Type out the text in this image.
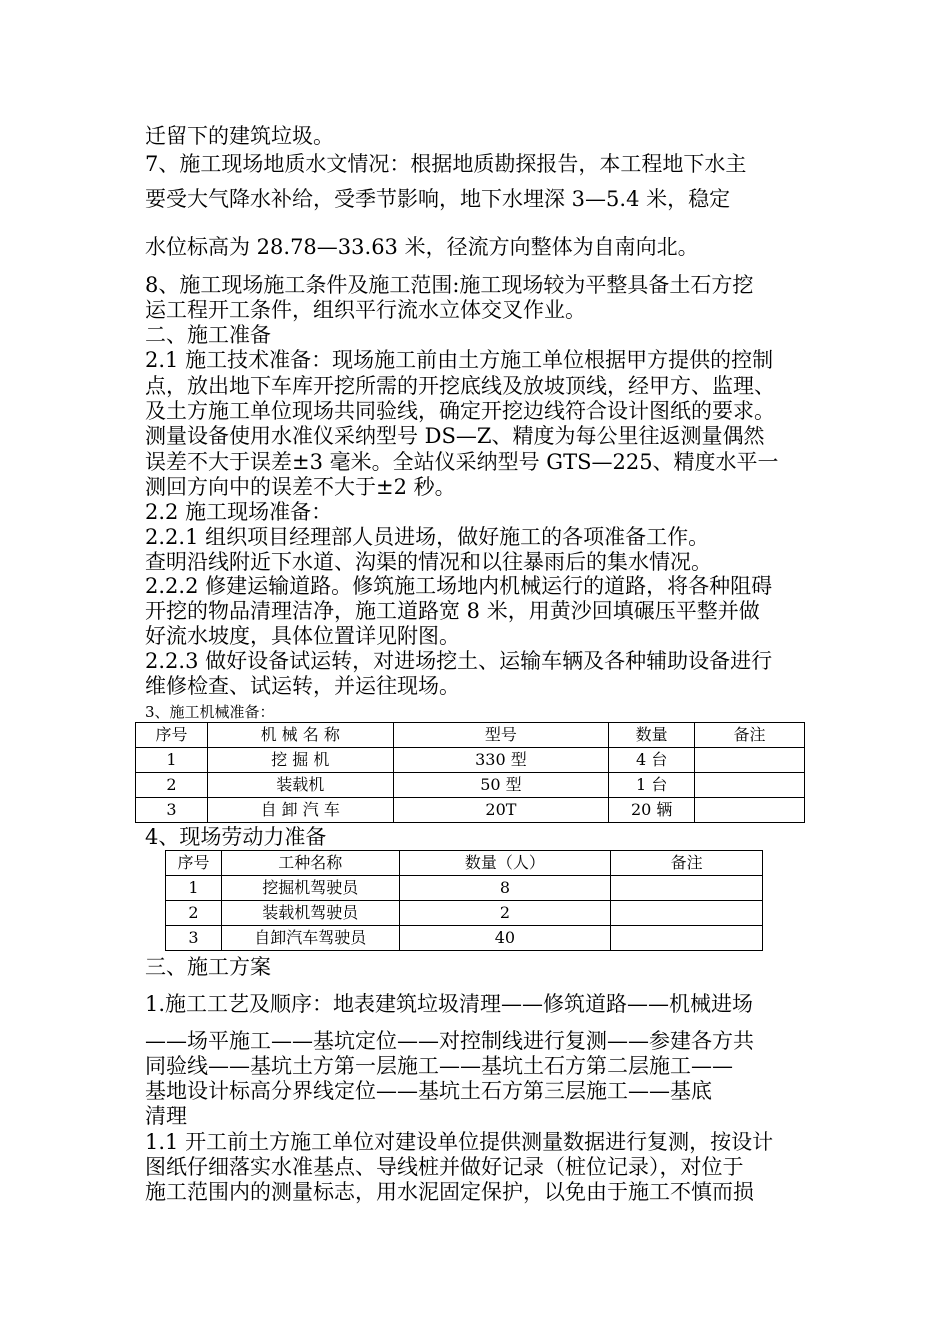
迁留下的建筑垃圾。
7、施工现场地质水文情况：根据地质勘探报告，本工程地下水主
要受大气降水补给，受季节影响，地下水埋深 3—5.4 米，稳定
水位标高为 28.78—33.63 米，径流方向整体为自南向北。
8、施工现场施工条件及施工范围:施工现场较为平整具备土石方挖
运工程开工条件，组织平行流水立体交叉作业。
二、施工准备
2.1 施工技术准备：现场施工前由土方施工单位根据甲方提供的控制
点，放出地下车库开挖所需的开挖底线及放坡顶线，经甲方、监理、
及土方施工单位现场共同验线，确定开挖边线符合设计图纸的要求。
测量设备使用水准仪采纳型号 DS—Z、精度为每公里往返测量偶然
误差不大于误差±3 毫米。全站仪采纳型号 GTS—225、精度水平一
测回方向中的误差不大于±2 秒。
2.2 施工现场准备：
2.2.1 组织项目经理部人员进场，做好施工的各项准备工作。
查明沿线附近下水道、沟渠的情况和以往暴雨后的集水情况。
2.2.2 修建运输道路。修筑施工场地内机械运行的道路，将各种阻碍
开挖的物品清理洁净，施工道路宽 8 米，用黄沙回填碾压平整并做
好流水坡度，具体位置详见附图。
2.2.3 做好设备试运转，对进场挖土、运输车辆及各种辅助设备进行
维修检查、试运转，并运往现场。
3、施工机械准备：
序号	机 械 名 称	型号	数量	备注
1	挖 掘 机	330 型	4 台	
2	装载机	50 型	1 台	
3	自 卸 汽 车	20T	20 辆	
4、现场劳动力准备
序号	工种名称	数量（人）	备注
1	挖掘机驾驶员	8	
2	装载机驾驶员	2	
3	自卸汽车驾驶员	40	
三、施工方案
1.施工工艺及顺序：地表建筑垃圾清理——修筑道路——机械进场
——场平施工——基坑定位——对控制线进行复测——参建各方共
同验线——基坑土方第一层施工——基坑土石方第二层施工——
基地设计标高分界线定位——基坑土石方第三层施工——基底
清理
1.1 开工前土方施工单位对建设单位提供测量数据进行复测，按设计
图纸仔细落实水准基点、导线桩并做好记录（桩位记录），对位于
施工范围内的测量标志，用水泥固定保护，以免由于施工不慎而损
